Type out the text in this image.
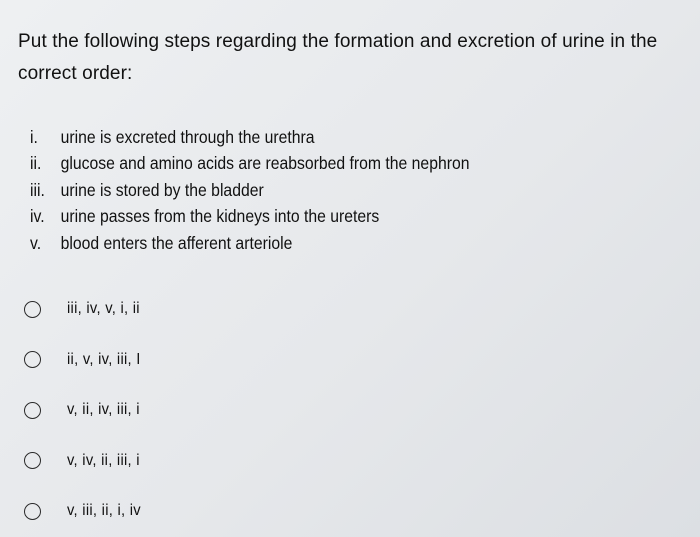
Put the following steps regarding the formation and excretion of urine in the correct order:
i.	urine is excreted through the urethra
ii.	glucose and amino acids are reabsorbed from the nephron
iii. urine is stored by the bladder
iv. urine passes from the kidneys into the ureters
v.	blood enters the afferent arteriole
iii, iv, v, i, ii
ii, v, iv, iii, I
v, ii, iv, iii, i
v, iv, ii, iii, i
v, iii, ii, i, iv
